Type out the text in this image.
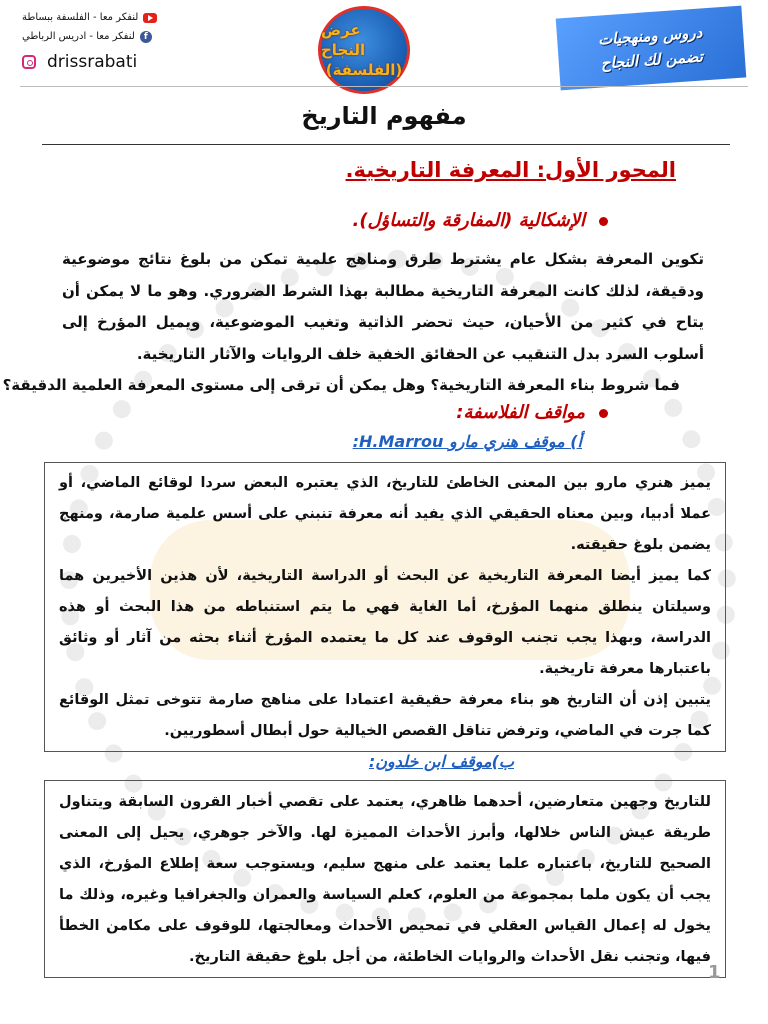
لنفكر معا - الفلسفة ببساطة
f
لنفكر معا - ادريس الرباطي
drissrabati
عرض النجاح
(الفلسفة)
دروس ومنهجيات
تضمن لك النجاح
مفهوم التاريخ
المحور الأول: المعرفة التاريخية.
الإشكالية (المفارقة والتساؤل).
تكوين المعرفة بشكل عام يشترط طرق ومناهج علمية تمكن من بلوغ نتائج موضوعية ودقيقة، لذلك كانت المعرفة التاريخية مطالبة بهذا الشرط الضروري. وهو ما لا يمكن أن يتاح في كثير من الأحيان، حيث تحضر الذاتية وتغيب الموضوعية، ويميل المؤرخ إلى أسلوب السرد بدل التنقيب عن الحقائق الخفية خلف الروايات والآثار التاريخية.
فما شروط بناء المعرفة التاريخية؟ وهل يمكن أن ترقى إلى مستوى المعرفة العلمية الدقيقة؟
مواقف الفلاسفة:
أ) موقف هنري مارو H.Marrou:

يميز هنري مارو بين المعنى الخاطئ للتاريخ، الذي يعتبره البعض سردا لوقائع الماضي، أو عملا أدبيا، وبين معناه الحقيقي الذي يفيد أنه معرفة تنبني على أسس علمية صارمة، ومنهج يضمن بلوغ حقيقته.

كما يميز أيضا المعرفة التاريخية عن البحث أو الدراسة التاريخية، لأن هذين الأخيرين هما وسيلتان ينطلق منهما المؤرخ، أما الغاية فهي ما يتم استنباطه من هذا البحث أو هذه الدراسة، وبهذا يجب تجنب الوقوف عند كل ما يعتمده المؤرخ أثناء بحثه من آثار أو وثائق باعتبارها معرفة تاريخية.

يتبين إذن أن التاريخ هو بناء معرفة حقيقية اعتمادا على مناهج صارمة تتوخى تمثل الوقائع كما جرت في الماضي، وترفض تناقل القصص الخيالية حول أبطال أسطوريين.

ب)موقف ابن خلدون:

للتاريخ وجهين متعارضين، أحدهما ظاهري، يعتمد على تقصي أخبار القرون السابقة ويتناول طريقة عيش الناس خلالها، وأبرز الأحداث المميزة لها. والآخر جوهري، يحيل إلى المعنى الصحيح للتاريخ، باعتباره علما يعتمد على منهج سليم، ويستوجب سعة إطلاع المؤرخ، الذي يجب أن يكون ملما بمجموعة من العلوم، كعلم السياسة والعمران والجغرافيا وغيره، وذلك ما يخول له إعمال القياس العقلي في تمحيص الأحداث ومعالجتها، للوقوف على مكامن الخطأ فيها، وتجنب نقل الأحداث والروايات الخاطئة، من أجل بلوغ حقيقة التاريخ.

1
